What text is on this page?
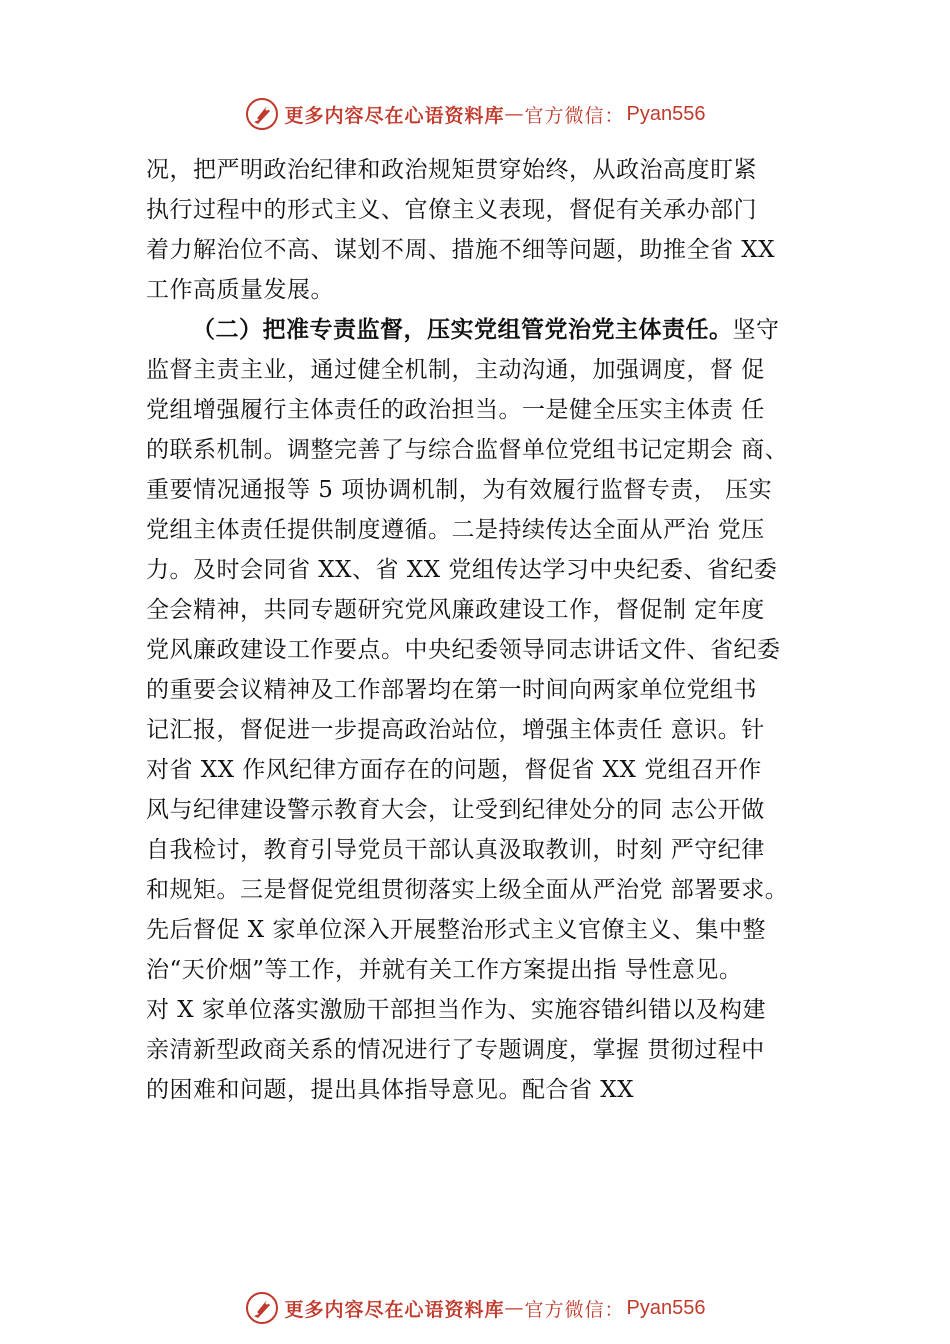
更多内容尽在心语资料库 — 官方微信： Pyan556
况，把严明政治纪律和政治规矩贯穿始终，从政治高度盯紧
执行过程中的形式主义、官僚主义表现，督促有关承办部门
着力解治位不高、谋划不周、措施不细等问题，助推全省 XX
工作高质量发展。
（二）把准专责监督，压实党组管党治党主体责任。坚守
监督主责主业，通过健全机制，主动沟通，加强调度，督 促
党组增强履行主体责任的政治担当。一是健全压实主体责 任
的联系机制。调整完善了与综合监督单位党组书记定期会 商、
重要情况通报等 5 项协调机制，为有效履行监督专责， 压实
党组主体责任提供制度遵循。二是持续传达全面从严治 党压
力。及时会同省 XX、省 XX 党组传达学习中央纪委、省纪委
全会精神，共同专题研究党风廉政建设工作，督促制 定年度
党风廉政建设工作要点。中央纪委领导同志讲话文件、省纪委
的重要会议精神及工作部署均在第一时间向两家单位党组书
记汇报，督促进一步提高政治站位，增强主体责任 意识。针
对省 XX 作风纪律方面存在的问题，督促省 XX 党组召开作
风与纪律建设警示教育大会，让受到纪律处分的同 志公开做
自我检讨，教育引导党员干部认真汲取教训，时刻 严守纪律
和规矩。三是督促党组贯彻落实上级全面从严治党 部署要求。
先后督促 X 家单位深入开展整治形式主义官僚主义、集中整
治“天价烟”等工作，并就有关工作方案提出指 导性意见。
对 X 家单位落实激励干部担当作为、实施容错纠错以及构建
亲清新型政商关系的情况进行了专题调度，掌握 贯彻过程中
的困难和问题，提出具体指导意见。配合省 XX
更多内容尽在心语资料库 — 官方微信： Pyan556
